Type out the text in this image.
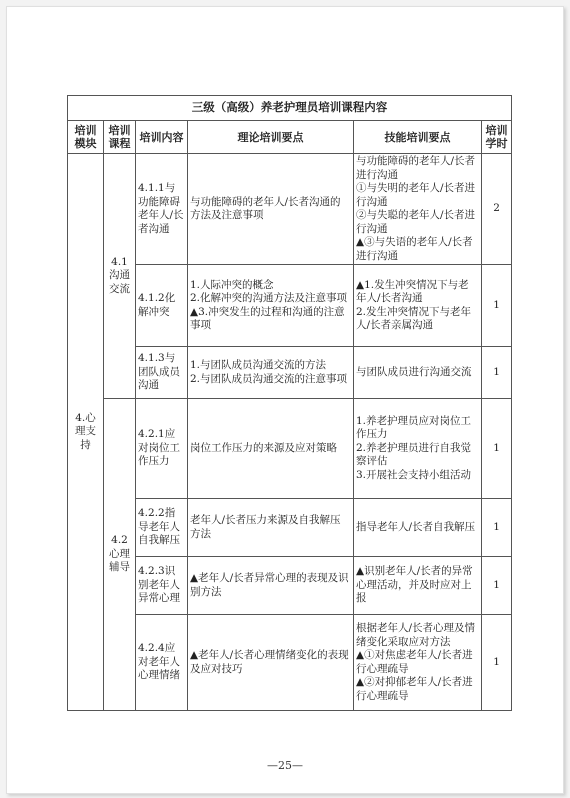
三级（高级）养老护理员培训课程内容					
培训模块	培训课程	培训内容	理论培训要点	技能培训要点	培训学时
4.心理支持	4.1沟通交流	4.1.1与功能障碍老年人/长者沟通	与功能障碍的老年人/长者沟通的方法及注意事项	与功能障碍的老年人/长者进行沟通
①与失明的老年人/长者进行沟通
②与失聪的老年人/长者进行沟通
▲③与失语的老年人/长者进行沟通	2
		4.1.2化解冲突	1.人际冲突的概念
2.化解冲突的沟通方法及注意事项
▲3.冲突发生的过程和沟通的注意事项	▲1.发生冲突情况下与老年人/长者沟通
2.发生冲突情况下与老年人/长者亲属沟通	1
		4.1.3与团队成员沟通	1.与团队成员沟通交流的方法
2.与团队成员沟通交流的注意事项	与团队成员进行沟通交流	1
	4.2心理辅导	4.2.1应对岗位工作压力	岗位工作压力的来源及应对策略	1.养老护理员应对岗位工 作压力
2.养老护理员进行自我觉察评估
3.开展社会支持小组活动	1
		4.2.2指导老年人自我解压	老年人/长者压力来源及自我解压方法	指导老年人/长者自我解压	1
		4.2.3识别老年人异常心理	▲老年人/长者异常心理的表现及识别方法	▲识别老年人/长者的异常心理活动，并及时应对上报	1
		4.2.4应对老年人心理情绪	▲老年人/长者心理情绪变化的表现及应对技巧	根据老年人/长者心理及情绪变化采取应对方法
▲①对焦虑老年人/长者进行心理疏导
▲②对抑郁老年人/长者进行心理疏导	1
—25—
